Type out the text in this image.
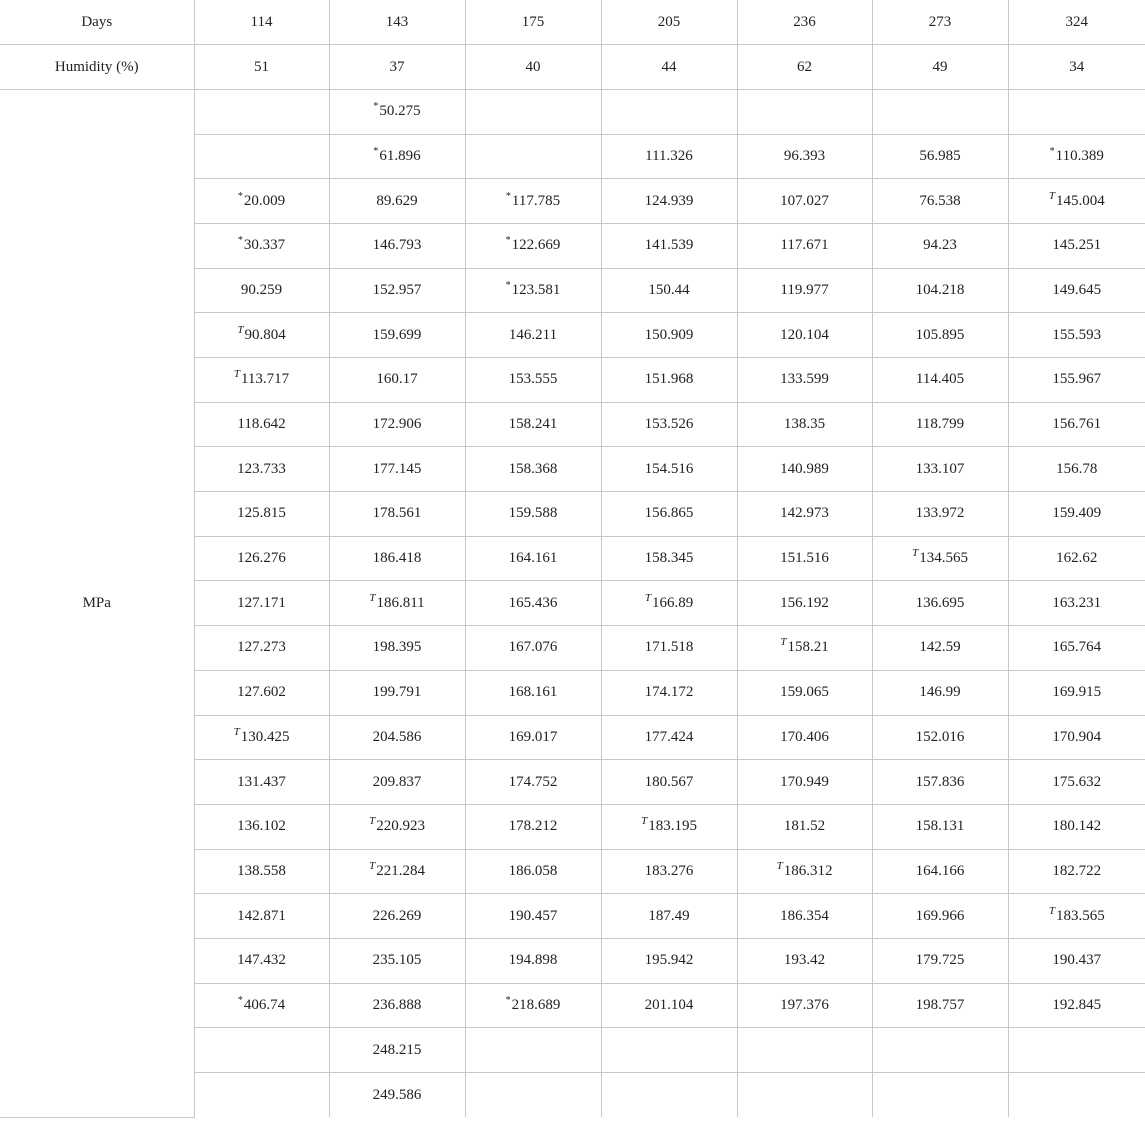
Days	114	143	175	205	236	273	324
Humidity (%)	51	37	40	44	62	49	34
MPa		*50.275					
		*61.896		111.326	96.393	56.985	*110.389
	*20.009	89.629	*117.785	124.939	107.027	76.538	$^T$145.004
	*30.337	146.793	*122.669	141.539	117.671	94.23	145.251
	90.259	152.957	*123.581	150.44	119.977	104.218	149.645
	$^T$90.804	159.699	146.211	150.909	120.104	105.895	155.593
	$^T$113.717	160.17	153.555	151.968	133.599	114.405	155.967
	118.642	172.906	158.241	153.526	138.35	118.799	156.761
	123.733	177.145	158.368	154.516	140.989	133.107	156.78
	125.815	178.561	159.588	156.865	142.973	133.972	159.409
	126.276	186.418	164.161	158.345	151.516	$^T$134.565	162.62
	127.171	$^T$186.811	165.436	$^T$166.89	156.192	136.695	163.231
	127.273	198.395	167.076	171.518	$^T$158.21	142.59	165.764
	127.602	199.791	168.161	174.172	159.065	146.99	169.915
	$^T$130.425	204.586	169.017	177.424	170.406	152.016	170.904
	131.437	209.837	174.752	180.567	170.949	157.836	175.632
	136.102	$^T$220.923	178.212	$^T$183.195	181.52	158.131	180.142
	138.558	$^T$221.284	186.058	183.276	$^T$186.312	164.166	182.722
	142.871	226.269	190.457	187.49	186.354	169.966	$^T$183.565
	147.432	235.105	194.898	195.942	193.42	179.725	190.437
	*406.74	236.888	*218.689	201.104	197.376	198.757	192.845
		248.215					
		249.586					
